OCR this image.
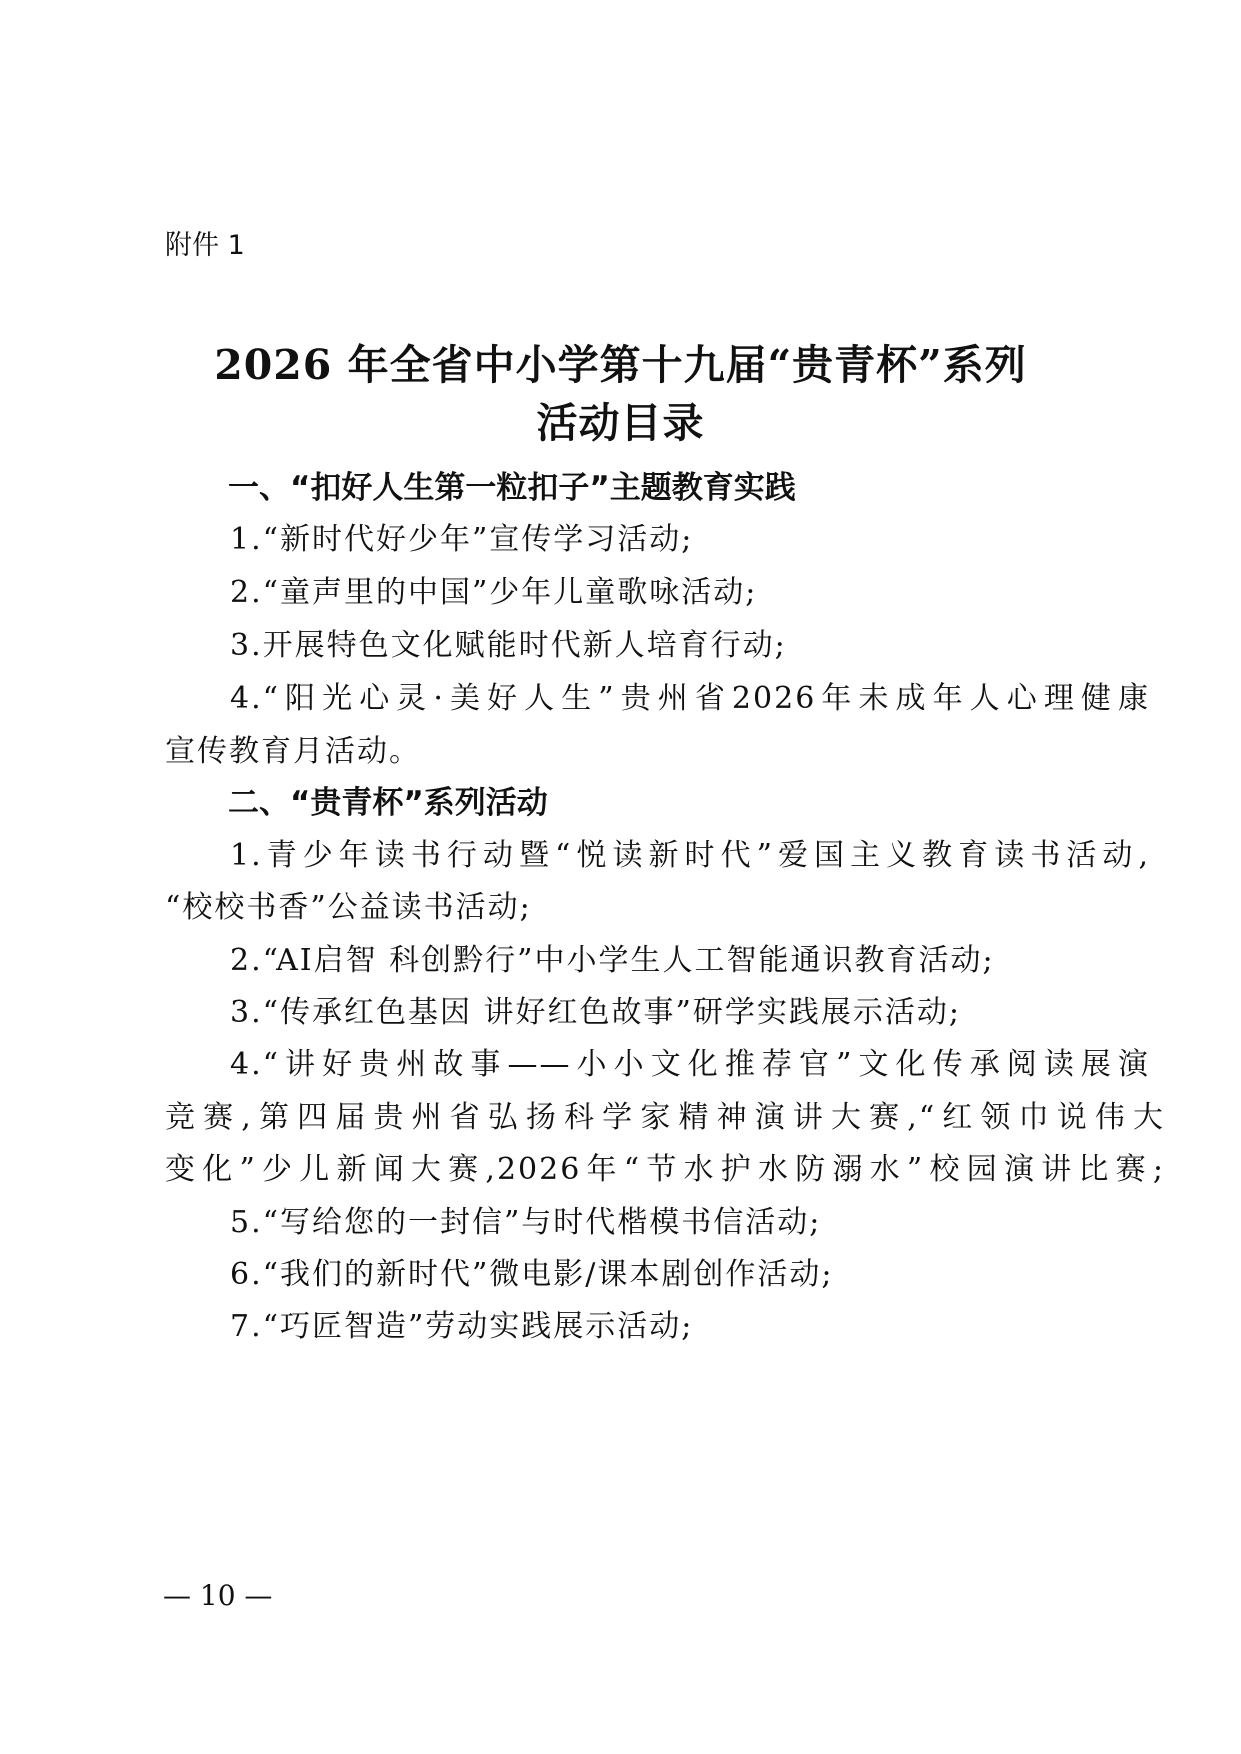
附件 1
2026 年全省中小学第十九届“贵青杯”系列
活动目录
一、“扣好人生第一粒扣子”主题教育实践
1.“新时代好少年”宣传学习活动;
2.“童声里的中国”少年儿童歌咏活动;
3.开展特色文化赋能时代新人培育行动;
4.“阳光心灵·美好人生”贵州省2026年未成年人心理健康
宣传教育月活动。
二、“贵青杯”系列活动
1.青少年读书行动暨“悦读新时代”爱国主义教育读书活动,
“校校书香”公益读书活动;
2.“AI启智 科创黔行”中小学生人工智能通识教育活动;
3.“传承红色基因 讲好红色故事”研学实践展示活动;
4.“讲好贵州故事——小小文化推荐官”文化传承阅读展演
竞赛,第四届贵州省弘扬科学家精神演讲大赛,“红领巾说伟大
变化”少儿新闻大赛,2026年“节水护水防溺水”校园演讲比赛;
5.“写给您的一封信”与时代楷模书信活动;
6.“我们的新时代”微电影/课本剧创作活动;
7.“巧匠智造”劳动实践展示活动;
— 10 —
